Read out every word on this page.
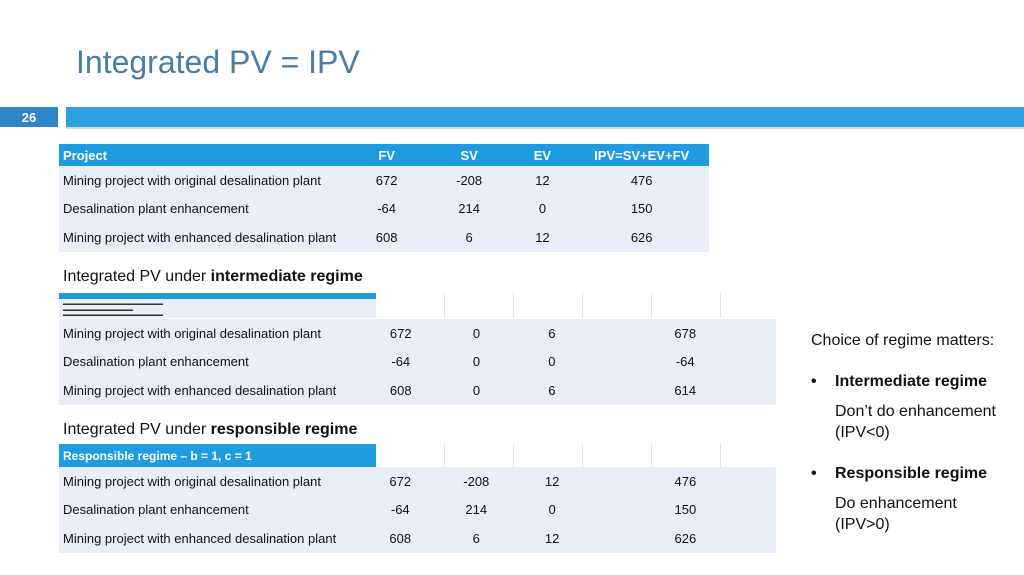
Integrated PV = IPV
26
Project	FV	SV	EV	IPV=SV+EV+FV
Mining project with original desalination plant	672	-208	12	476
Desalination plant enhancement	-64	214	0	150
Mining project with enhanced desalination plant	608	6	12	626
Integrated PV under intermediate regime
▬▬▬▬▬▬▬▬▬▬▬▬▬▬▬▬▬▬▬▬
▬▬▬▬▬▬▬▬▬▬▬▬▬▬
▬▬▬▬▬▬▬▬▬▬▬▬▬▬▬▬▬▬▬▬
Mining project with original desalination plant	672	0	6	678
Desalination plant enhancement	-64	0	0	-64
Mining project with enhanced desalination plant	608	0	6	614
Integrated PV under responsible regime
Responsible regime – b = 1, c = 1
Mining project with original desalination plant	672	-208	12	476
Desalination plant enhancement	-64	214	0	150
Mining project with enhanced desalination plant	608	6	12	626
Choice of regime matters:
• Intermediate regime
Don’t do enhancement
(IPV<0)
• Responsible regime
Do enhancement
(IPV>0)
